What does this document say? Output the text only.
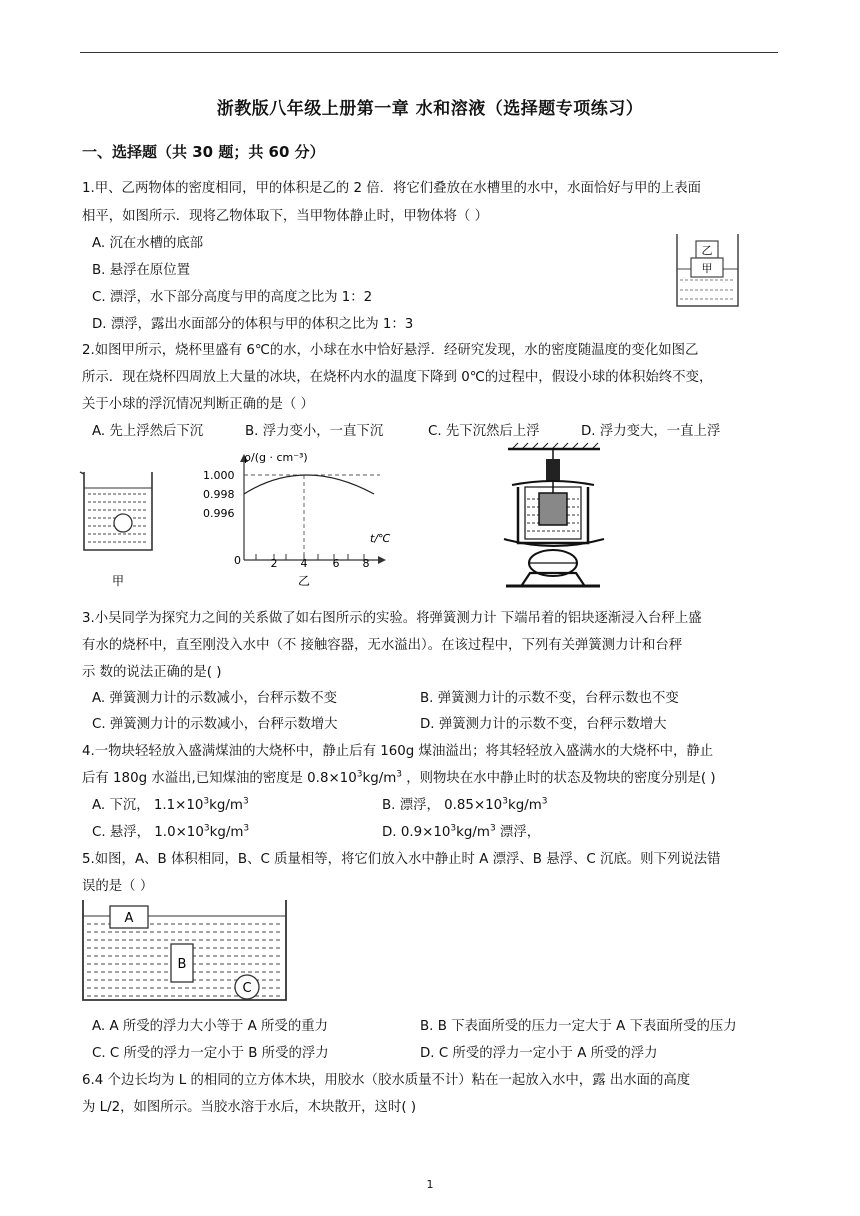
浙教版八年级上册第一章 水和溶液（选择题专项练习）
一、选择题（共 30 题；共 60 分）
1.甲、乙两物体的密度相同，甲的体积是乙的 2 倍．将它们叠放在水槽里的水中，水面恰好与甲的上表面
相平，如图所示．现将乙物体取下，当甲物体静止时，甲物体将（ ）
A. 沉在水槽的底部
B. 悬浮在原位置
C. 漂浮，水下部分高度与甲的高度之比为 1：2
D. 漂浮，露出水面部分的体积与甲的体积之比为 1：3
乙
甲
2.如图甲所示，烧杯里盛有 6℃的水，小球在水中恰好悬浮．经研究发现，水的密度随温度的变化如图乙
所示．现在烧杯四周放上大量的冰块，在烧杯内水的温度下降到 0℃的过程中，假设小球的体积始终不变，
关于小球的浮沉情况判断正确的是（ ）
A. 先上浮然后下沉	B. 浮力变小，一直下沉	C. 先下沉然后上浮	D. 浮力变大，一直上浮
甲
ρ/(g · cm⁻³)
t/℃
1.000
0.998
0.996
0	2 4 6 8
乙
3.小吴同学为探究力之间的关系做了如右图所示的实验。将弹簧测力计 下端吊着的铝块逐渐浸入台秤上盛
有水的烧杯中，直至刚没入水中（不 接触容器，无水溢出）。在该过程中，下列有关弹簧测力计和台秤
示 数的说法正确的是( )
A. 弹簧测力计的示数减小，台秤示数不变	B. 弹簧测力计的示数不变，台秤示数也不变
C. 弹簧测力计的示数减小，台秤示数增大	D. 弹簧测力计的示数不变，台秤示数增大
4.一物块轻轻放入盛满煤油的大烧杯中，静止后有 160g 煤油溢出；将其轻轻放入盛满水的大烧杯中，静止
后有 180g 水溢出,已知煤油的密度是 $0.8\times 10^3kg/m^3$ ，则物块在水中静止时的状态及物块的密度分别是( )
A. 下沉， $1.1\times 10^3kg/m^3$	B. 漂浮， $0.85\times 10^3kg/m^3$
C. 悬浮， $1.0\times 10^3kg/m^3$	D. $0.9\times 10^3kg/m^3$ 漂浮，
5.如图，A、B 体积相同，B、C 质量相等，将它们放入水中静止时 A 漂浮、B 悬浮、C 沉底。则下列说法错
误的是（ ）
A
B
C
A. A 所受的浮力大小等于 A 所受的重力	B. B 下表面所受的压力一定大于 A 下表面所受的压力
C. C 所受的浮力一定小于 B 所受的浮力	D. C 所受的浮力一定小于 A 所受的浮力
6.4 个边长均为 L 的相同的立方体木块，用胶水（胶水质量不计）粘在一起放入水中，露 出水面的高度
为 L/2，如图所示。当胶水溶于水后，木块散开，这时( )
1
